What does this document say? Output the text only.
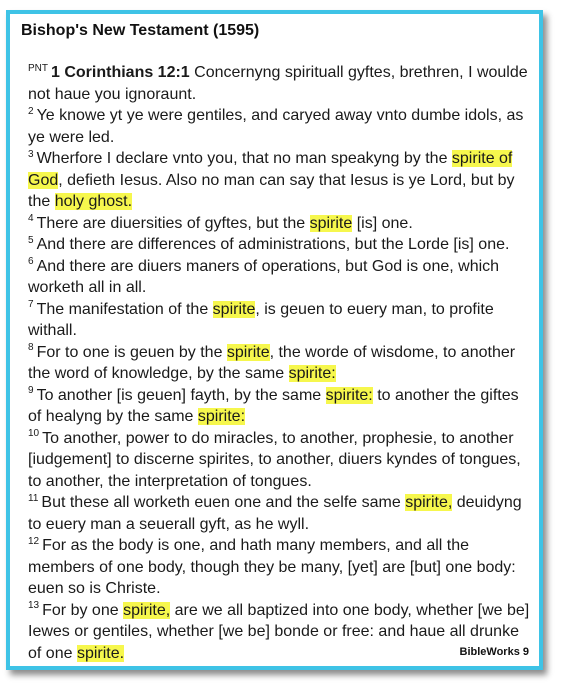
Bishop's New Testament (1595)
$^{PNT}$ 1 Corinthians 12:1 Concernyng spirituall gyftes, brethren, I woulde not haue you ignoraunt.
$^2$ Ye knowe yt ye were gentiles, and caryed away vnto dumbe idols, as ye were led.
$^3$ Wherfore I declare vnto you, that no man speakyng by the spirite of God, defieth Iesus. Also no man can say that Iesus is ye Lord, but by the holy ghost.
$^4$ There are diuersities of gyftes, but the spirite [is] one.
$^5$ And there are differences of administrations, but the Lorde [is] one.
$^6$ And there are diuers maners of operations, but God is one, which worketh all in all.
$^7$ The manifestation of the spirite, is geuen to euery man, to profite withall.
$^8$ For to one is geuen by the spirite, the worde of wisdome, to another the word of knowledge, by the same spirite:
$^9$ To another [is geuen] fayth, by the same spirite: to another the giftes of healyng by the same spirite:
$^{10}$ To another, power to do miracles, to another, prophesie, to another [iudgement] to discerne spirites, to another, diuers kyndes of tongues, to another, the interpretation of tongues.
$^{11}$ But these all worketh euen one and the selfe same spirite, deuidyng to euery man a seuerall gyft, as he wyll.
$^{12}$ For as the body is one, and hath many members, and all the members of one body, though they be many, [yet] are [but] one body: euen so is Christe.
$^{13}$ For by one spirite, are we all baptized into one body, whether [we be] Iewes or gentiles, whether [we be] bonde or free: and haue all drunke of one spirite.	BibleWorks 9
